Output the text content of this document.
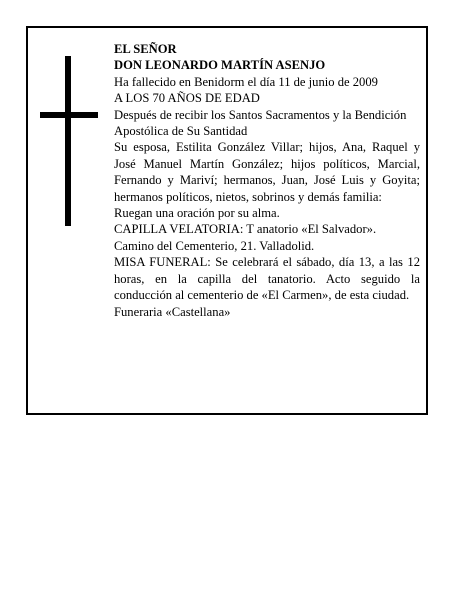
EL SEÑOR

DON LEONARDO MARTÍN ASENJO

Ha fallecido en Benidorm el día 11 de junio de 2009

A LOS 70 AÑOS DE EDAD

Después de recibir los Santos Sacramentos y la Bendición Apostólica de Su Santidad

Su esposa, Estilita González Villar; hijos, Ana, Raquel y José Manuel Martín González; hijos políticos, Marcial, Fernando y Mariví; hermanos, Juan, José Luis y Goyita; hermanos políticos, nietos, sobrinos y demás familia:

Ruegan una oración por su alma.

CAPILLA VELATORIA: T anatorio «El Salvador».

Camino del Cementerio, 21. Valladolid.

MISA FUNERAL: Se celebrará el sábado, día 13, a las 12 horas, en la capilla del tanatorio. Acto seguido la conducción al cementerio de «El Carmen», de esta ciudad.

Funeraria «Castellana»
